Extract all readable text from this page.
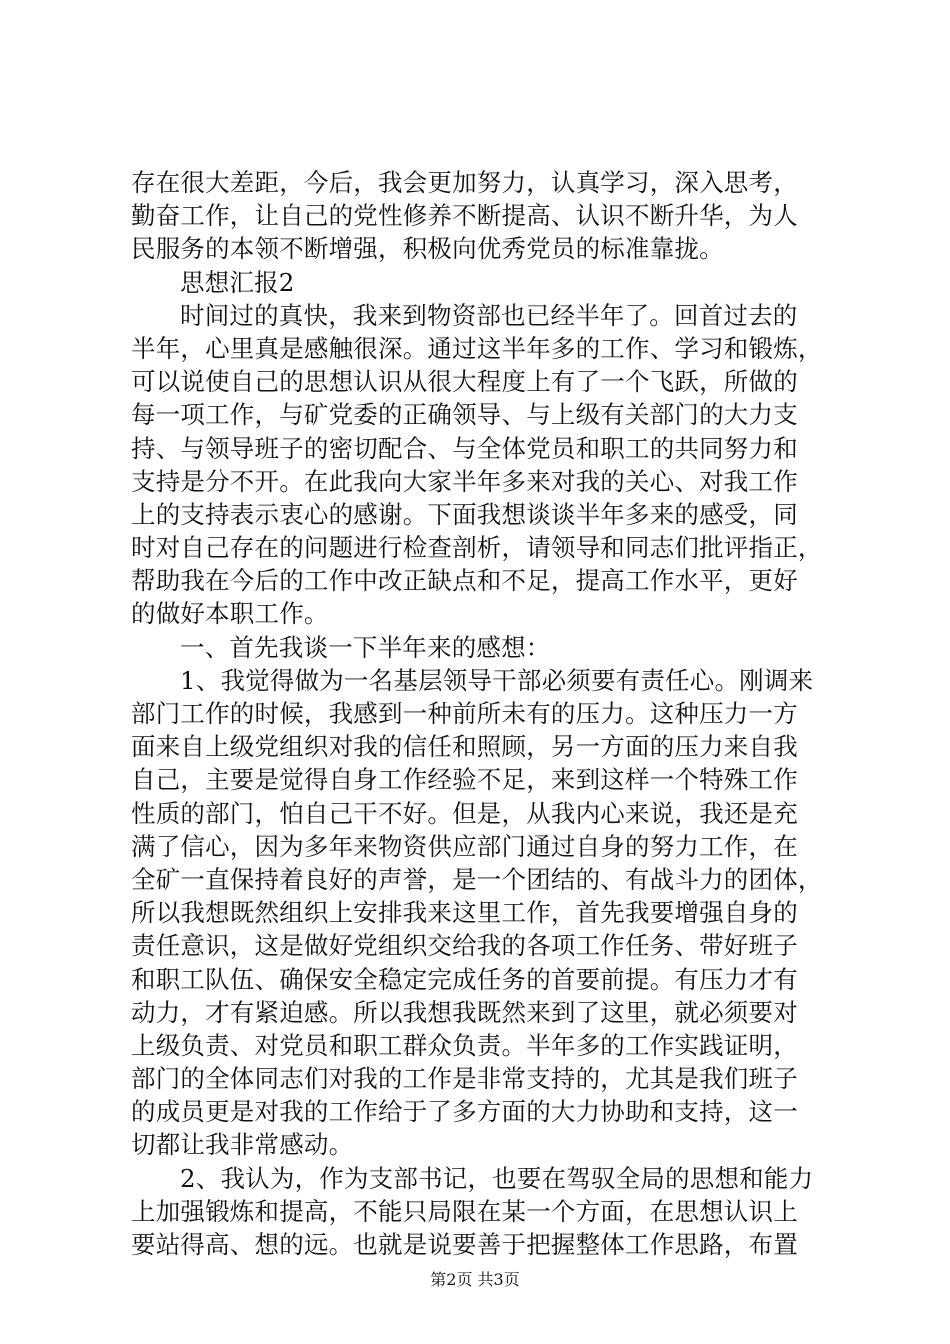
存在很大差距，今后，我会更加努力，认真学习，深入思考，
勤奋工作，让自己的党性修养不断提高、认识不断升华，为人
民服务的本领不断增强，积极向优秀党员的标准靠拢。
思想汇报2
时间过的真快，我来到物资部也已经半年了。回首过去的
半年，心里真是感触很深。通过这半年多的工作、学习和锻炼，
可以说使自己的思想认识从很大程度上有了一个飞跃，所做的
每一项工作，与矿党委的正确领导、与上级有关部门的大力支
持、与领导班子的密切配合、与全体党员和职工的共同努力和
支持是分不开。在此我向大家半年多来对我的关心、对我工作
上的支持表示衷心的感谢。下面我想谈谈半年多来的感受，同
时对自己存在的问题进行检查剖析，请领导和同志们批评指正，
帮助我在今后的工作中改正缺点和不足，提高工作水平，更好
的做好本职工作。
一、首先我谈一下半年来的感想：
1、我觉得做为一名基层领导干部必须要有责任心。刚调来
部门工作的时候，我感到一种前所未有的压力。这种压力一方
面来自上级党组织对我的信任和照顾，另一方面的压力来自我
自己，主要是觉得自身工作经验不足，来到这样一个特殊工作
性质的部门，怕自己干不好。但是，从我内心来说，我还是充
满了信心，因为多年来物资供应部门通过自身的努力工作，在
全矿一直保持着良好的声誉，是一个团结的、有战斗力的团体，
所以我想既然组织上安排我来这里工作，首先我要增强自身的
责任意识，这是做好党组织交给我的各项工作任务、带好班子
和职工队伍、确保安全稳定完成任务的首要前提。有压力才有
动力，才有紧迫感。所以我想我既然来到了这里，就必须要对
上级负责、对党员和职工群众负责。半年多的工作实践证明，
部门的全体同志们对我的工作是非常支持的，尤其是我们班子
的成员更是对我的工作给于了多方面的大力协助和支持，这一
切都让我非常感动。
2、我认为，作为支部书记，也要在驾驭全局的思想和能力
上加强锻炼和提高，不能只局限在某一个方面，在思想认识上
要站得高、想的远。也就是说要善于把握整体工作思路，布置
第2页 共3页
